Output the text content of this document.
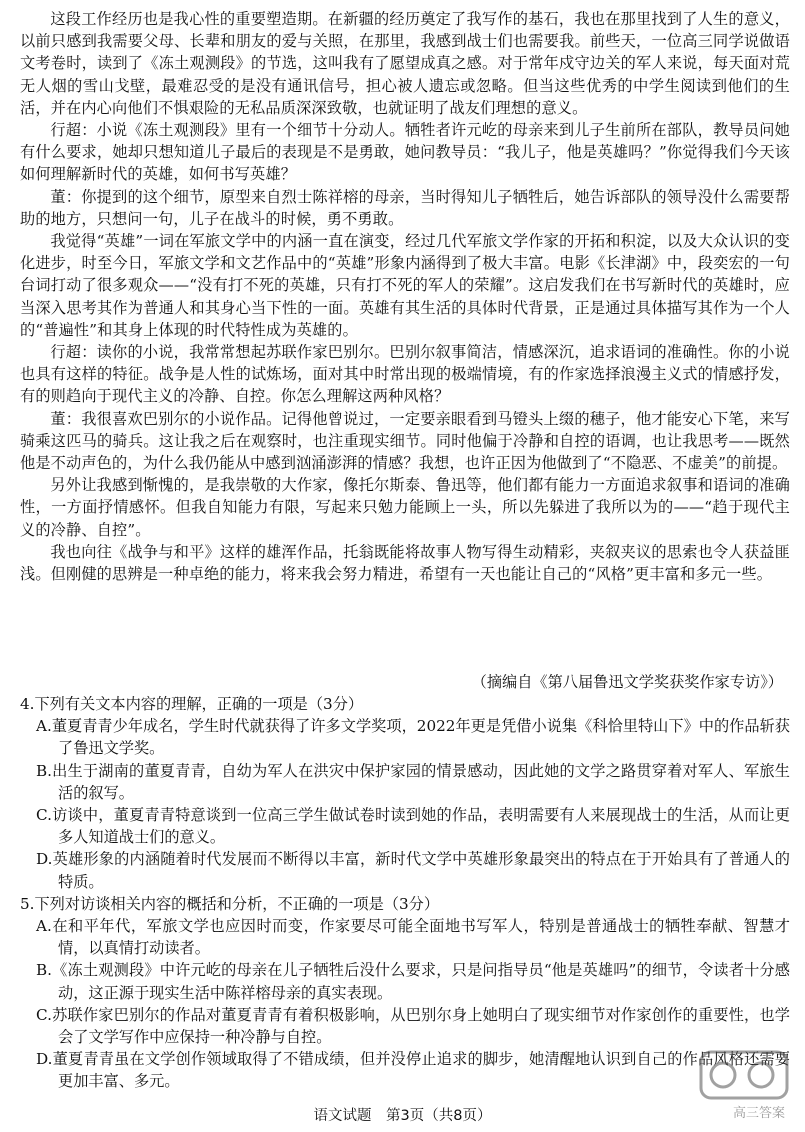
这段工作经历也是我心性的重要塑造期。在新疆的经历奠定了我写作的基石，我也在那里找到了人生的意义，以前只感到我需要父母、长辈和朋友的爱与关照，在那里，我感到战士们也需要我。前些天，一位高三同学说做语文考卷时，读到了《冻土观测段》的节选，这叫我有了愿望成真之感。对于常年戍守边关的军人来说，每天面对荒无人烟的雪山戈壁，最难忍受的是没有通讯信号，担心被人遗忘或忽略。但当这些优秀的中学生阅读到他们的生活，并在内心向他们不惧艰险的无私品质深深致敬，也就证明了战友们理想的意义。

行超：小说《冻土观测段》里有一个细节十分动人。牺牲者许元屹的母亲来到儿子生前所在部队，教导员问她有什么要求，她却只想知道儿子最后的表现是不是勇敢，她问教导员：“我儿子，他是英雄吗？”你觉得我们今天该如何理解新时代的英雄，如何书写英雄？

董：你提到的这个细节，原型来自烈士陈祥榕的母亲，当时得知儿子牺牲后，她告诉部队的领导没什么需要帮助的地方，只想问一句，儿子在战斗的时候，勇不勇敢。

我觉得“英雄”一词在军旅文学中的内涵一直在演变，经过几代军旅文学作家的开拓和积淀，以及大众认识的变化进步，时至今日，军旅文学和文艺作品中的“英雄”形象内涵得到了极大丰富。电影《长津湖》中，段奕宏的一句台词打动了很多观众——“没有打不死的英雄，只有打不死的军人的荣耀”。这启发我们在书写新时代的英雄时，应当深入思考其作为普通人和其身心当下性的一面。英雄有其生活的具体时代背景，正是通过具体描写其作为一个人的“普遍性”和其身上体现的时代特性成为英雄的。

行超：读你的小说，我常常想起苏联作家巴别尔。巴别尔叙事简洁，情感深沉，追求语词的准确性。你的小说也具有这样的特征。战争是人性的试炼场，面对其中时常出现的极端情境，有的作家选择浪漫主义式的情感抒发，有的则趋向于现代主义的冷静、自控。你怎么理解这两种风格？

董：我很喜欢巴别尔的小说作品。记得他曾说过，一定要亲眼看到马镫头上缀的穗子，他才能安心下笔，来写骑乘这匹马的骑兵。这让我之后在观察时，也注重现实细节。同时他偏于冷静和自控的语调，也让我思考——既然他是不动声色的，为什么我仍能从中感到汹涌澎湃的情感？我想，也许正因为他做到了“不隐恶、不虚美”的前提。

另外让我感到惭愧的，是我崇敬的大作家，像托尔斯泰、鲁迅等，他们都有能力一方面追求叙事和语词的准确性，一方面抒情感怀。但我自知能力有限，写起来只勉力能顾上一头，所以先躲进了我所以为的——“趋于现代主义的冷静、自控”。

我也向往《战争与和平》这样的雄浑作品，托翁既能将故事人物写得生动精彩，夹叙夹议的思索也令人获益匪浅。但刚健的思辨是一种卓绝的能力，将来我会努力精进，希望有一天也能让自己的“风格”更丰富和多元一些。

（摘编自《第八届鲁迅文学奖获奖作家专访》）

4.下列有关文本内容的理解，正确的一项是（3分）

A.董夏青青少年成名，学生时代就获得了许多文学奖项，2022年更是凭借小说集《科恰里特山下》中的作品斩获了鲁迅文学奖。

B.出生于湖南的董夏青青，自幼为军人在洪灾中保护家园的情景感动，因此她的文学之路贯穿着对军人、军旅生活的叙写。

C.访谈中，董夏青青特意谈到一位高三学生做试卷时读到她的作品，表明需要有人来展现战士的生活，从而让更多人知道战士们的意义。

D.英雄形象的内涵随着时代发展而不断得以丰富，新时代文学中英雄形象最突出的特点在于开始具有了普通人的特质。

5.下列对访谈相关内容的概括和分析，不正确的一项是（3分）

A.在和平年代，军旅文学也应因时而变，作家要尽可能全面地书写军人，特别是普通战士的牺牲奉献、智慧才情，以真情打动读者。

B.《冻土观测段》中许元屹的母亲在儿子牺牲后没什么要求，只是问指导员“他是英雄吗”的细节，令读者十分感动，这正源于现实生活中陈祥榕母亲的真实表现。

C.苏联作家巴别尔的作品对董夏青青有着积极影响，从巴别尔身上她明白了现实细节对作家创作的重要性，也学会了文学写作中应保持一种冷静与自控。

D.董夏青青虽在文学创作领域取得了不错成绩，但并没停止追求的脚步，她清醒地认识到自己的作品风格还需要更加丰富、多元。

高三答案
语文试题　第3页（共8页）
